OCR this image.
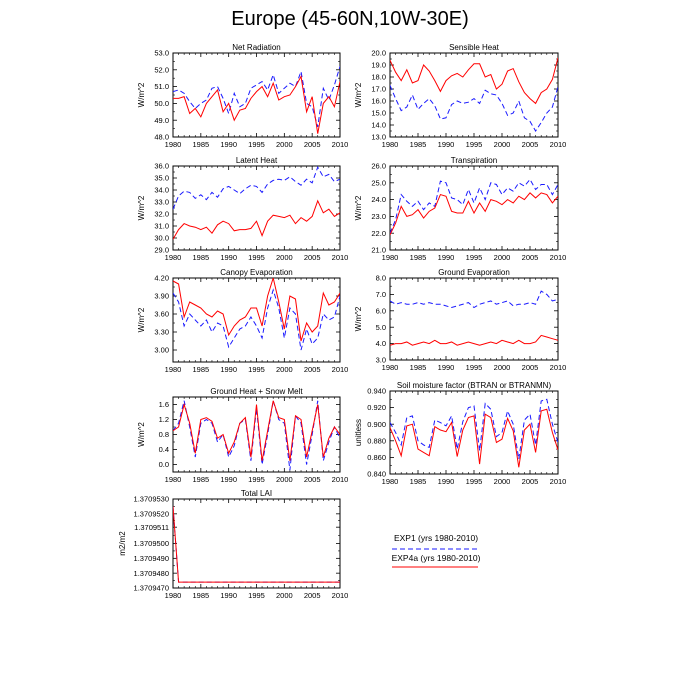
Europe (45-60N,10W-30E)
Net Radiation
1980 1985 1990 1995 2000 2005 2010
48.0
49.0
50.0
51.0
52.0
53.0
W/m^2
Sensible Heat
1980 1985 1990 1995 2000 2005 2010
13.0
14.0
15.0
16.0
17.0
18.0
19.0
20.0
W/m^2
Latent Heat
1980 1985 1990 1995 2000 2005 2010
29.0
30.0
31.0
32.0
33.0
34.0
35.0
36.0
W/m^2
Transpiration
1980 1985 1990 1995 2000 2005 2010
21.0
22.0
23.0
24.0
25.0
26.0
W/m^2
Canopy Evaporation
1980 1985 1990 1995 2000 2005 2010
3.00
3.30
3.60
3.90
4.20
W/m^2
Ground Evaporation
1980 1985 1990 1995 2000 2005 2010
3.0
4.0
5.0
6.0
7.0
8.0
W/m^2
Ground Heat + Snow Melt
1980 1985 1990 1995 2000 2005 2010
0.0
0.4
0.8
1.2
1.6
W/m^2
Soil moisture factor (BTRAN or BTRANMN)
1980 1985 1990 1995 2000 2005 2010
0.840
0.860
0.880
0.900
0.920
0.940
unitless
Total LAI
1980 1985 1990 1995 2000 2005 2010
1.3709470
1.3709480
1.3709490
1.3709500
1.3709511
1.3709520
1.3709530
m2/m2	EXP1 (yrs 1980-2010)
EXP4a (yrs 1980-2010)
